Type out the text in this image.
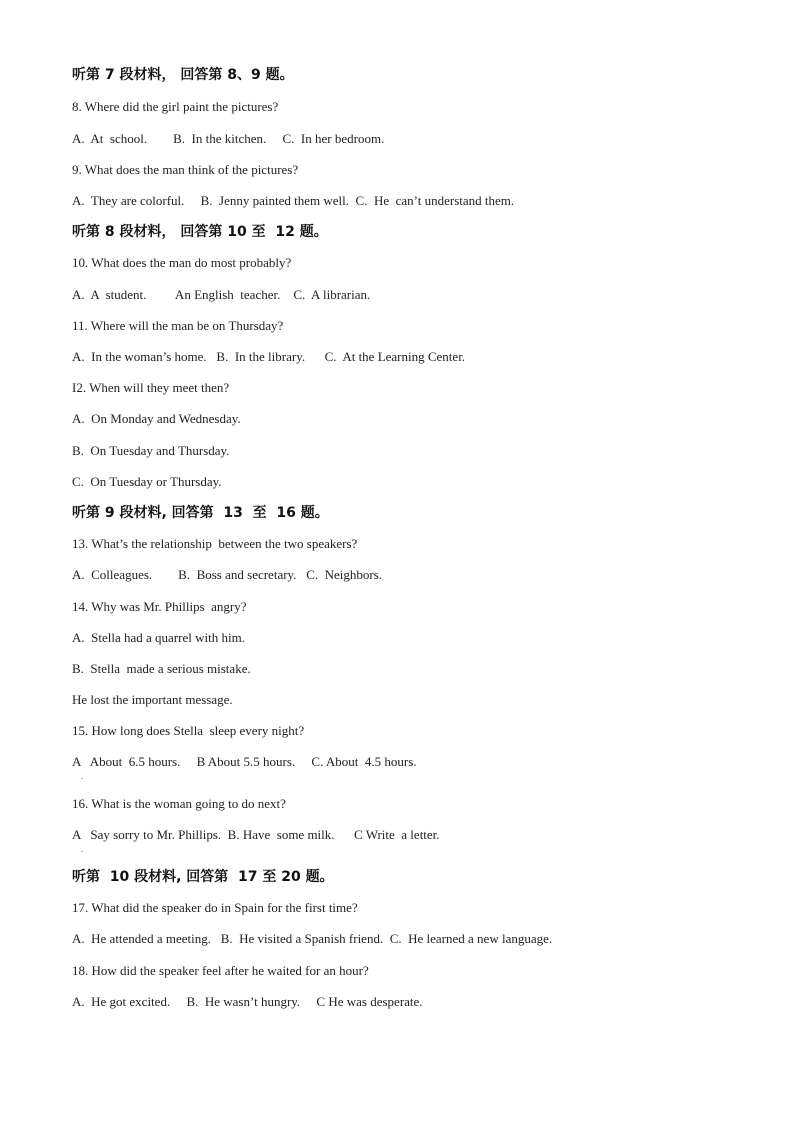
听第 7 段材料， 回答第 8、9 题。
8. Where did the girl paint the pictures?
A.  At  school.        B.  In the kitchen.     C.  In her bedroom.
9. What does the man think of the pictures?
A.  They are colorful.     B.  Jenny painted them well.  C.  He  can’t understand them.
听第 8 段材料， 回答第 10 至  12 题。
10. What does the man do most probably?
A.  A  student.         An English  teacher.    C.  A librarian.
11. Where will the man be on Thursday?
A.  In the woman’s home.   B.  In the library.      C.  At the Learning Center.
I2. When will they meet then?
A.  On Monday and Wednesday.
B.  On Tuesday and Thursday.
C.  On Tuesday or Thursday.
听第 9 段材料, 回答第  13  至  16 题。
13. What’s the relationship  between the two speakers?
A.  Colleagues.        B.  Boss and secretary.   C.  Neighbors.
14. Why was Mr. Phillips  angry?
A.  Stella had a quarrel with him.
B.  Stella  made a serious mistake.
He lost the important message.
15. How long does Stella  sleep every night?
A   About  6.5 hours.     B About 5.5 hours.     C. About  4.5 hours.
.
16. What is the woman going to do next?
A   Say sorry to Mr. Phillips.  B. Have  some milk.      C Write  a letter.
.
听第  10 段材料, 回答第  17 至 20 题。
17. What did the speaker do in Spain for the first time?
A.  He attended a meeting.   B.  He visited a Spanish friend.  C.  He learned a new language.
18. How did the speaker feel after he waited for an hour?
A.  He got excited.     B.  He wasn’t hungry.     C He was desperate.
